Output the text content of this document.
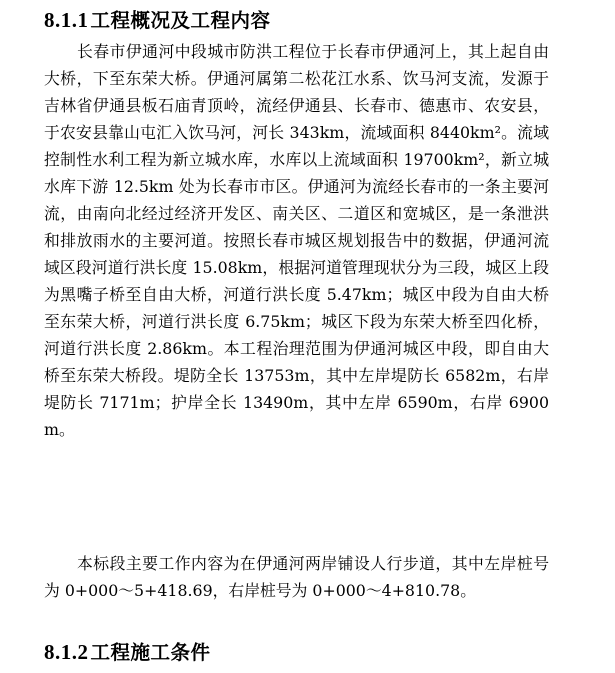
8.1.1 工程概况及工程内容
长春市伊通河中段城市防洪工程位于长春市伊通河上，其上起自由大桥，下至东荣大桥。伊通河属第二松花江水系、饮马河支流，发源于吉林省伊通县板石庙青顶岭，流经伊通县、长春市、德惠市、农安县，于农安县靠山屯汇入饮马河，河长 343km，流域面积 8440km²。流域控制性水利工程为新立城水库，水库以上流域面积 19700km²，新立城水库下游 12.5km 处为长春市市区。伊通河为流经长春市的一条主要河流，由南向北经过经济开发区、南关区、二道区和宽城区，是一条泄洪和排放雨水的主要河道。按照长春市城区规划报告中的数据，伊通河流域区段河道行洪长度 15.08km，根据河道管理现状分为三段，城区上段为黑嘴子桥至自由大桥，河道行洪长度 5.47km；城区中段为自由大桥至东荣大桥，河道行洪长度 6.75km；城区下段为东荣大桥至四化桥，河道行洪长度 2.86km。本工程治理范围为伊通河城区中段，即自由大桥至东荣大桥段。堤防全长 13753m，其中左岸堤防长 6582m，右岸堤防长 7171m；护岸全长 13490m，其中左岸 6590m，右岸 6900m。
本标段主要工作内容为在伊通河两岸铺设人行步道，其中左岸桩号为 0+000～5+418.69，右岸桩号为 0+000～4+810.78。
8.1.2 工程施工条件
